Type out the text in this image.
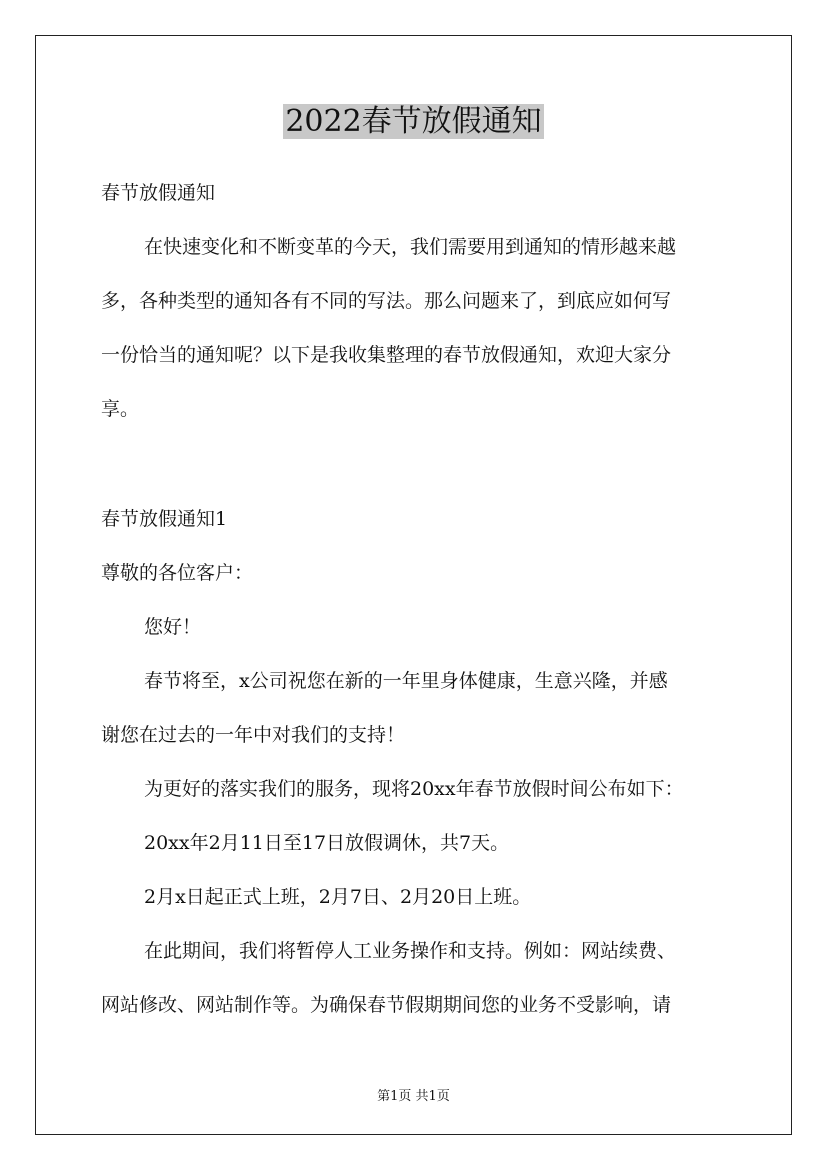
2022春节放假通知
春节放假通知
在快速变化和不断变革的今天，我们需要用到通知的情形越来越
多，各种类型的通知各有不同的写法。那么问题来了，到底应如何写
一份恰当的通知呢？以下是我收集整理的春节放假通知，欢迎大家分
享。
春节放假通知1
尊敬的各位客户：
您好！
春节将至，x公司祝您在新的一年里身体健康，生意兴隆，并感
谢您在过去的一年中对我们的支持！
为更好的落实我们的服务，现将20xx年春节放假时间公布如下：
20xx年2月11日至17日放假调休，共7天。
2月x日起正式上班，2月7日、2月20日上班。
在此期间，我们将暂停人工业务操作和支持。例如：网站续费、
网站修改、网站制作等。为确保春节假期期间您的业务不受影响，请
第1页 共1页
